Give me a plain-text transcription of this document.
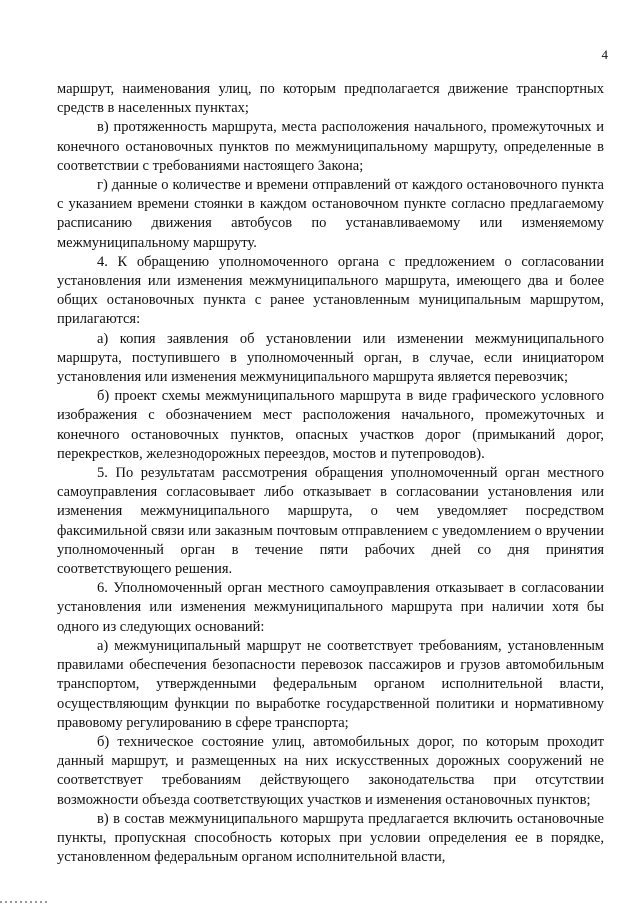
4

маршрут, наименования улиц, по которым предполагается движение транспортных средств в населенных пунктах;

в) протяженность маршрута, места расположения начального, промежуточных и конечного остановочных пунктов по межмуниципальному маршруту, определенные в соответствии с требованиями настоящего Закона;

г) данные о количестве и времени отправлений от каждого остановочного пункта с указанием времени стоянки в каждом остановочном пункте согласно предлагаемому расписанию движения автобусов по устанавливаемому или изменяемому межмуниципальному маршруту.

4. К обращению уполномоченного органа с предложением о согласовании установления или изменения межмуниципального маршрута, имеющего два и более общих остановочных пункта с ранее установленным муниципальным маршрутом, прилагаются:

а) копия заявления об установлении или изменении межмуниципального маршрута, поступившего в уполномоченный орган, в случае, если инициатором установления или изменения межмуниципального маршрута является перевозчик;

б) проект схемы межмуниципального маршрута в виде графического условного изображения с обозначением мест расположения начального, промежуточных и конечного остановочных пунктов, опасных участков дорог (примыканий дорог, перекрестков, железнодорожных переездов, мостов и путепроводов).

5. По результатам рассмотрения обращения уполномоченный орган местного самоуправления согласовывает либо отказывает в согласовании установления или изменения межмуниципального маршрута, о чем уведомляет посредством факсимильной связи или заказным почтовым отправлением с уведомлением о вручении уполномоченный орган в течение пяти рабочих дней со дня принятия соответствующего решения.

6. Уполномоченный орган местного самоуправления отказывает в согласовании установления или изменения межмуниципального маршрута при наличии хотя бы одного из следующих оснований:

а) межмуниципальный маршрут не соответствует требованиям, установленным правилами обеспечения безопасности перевозок пассажиров и грузов автомобильным транспортом, утвержденными федеральным органом исполнительной власти, осуществляющим функции по выработке государственной политики и нормативному правовому регулированию в сфере транспорта;

б) техническое состояние улиц, автомобильных дорог, по которым проходит данный маршрут, и размещенных на них искусственных дорожных сооружений не соответствует требованиям действующего законодательства при отсутствии возможности объезда соответствующих участков и изменения остановочных пунктов;

в) в состав межмуниципального маршрута предлагается включить остановочные пункты, пропускная способность которых при условии определения ее в порядке, установленном федеральным органом исполнительной власти,
